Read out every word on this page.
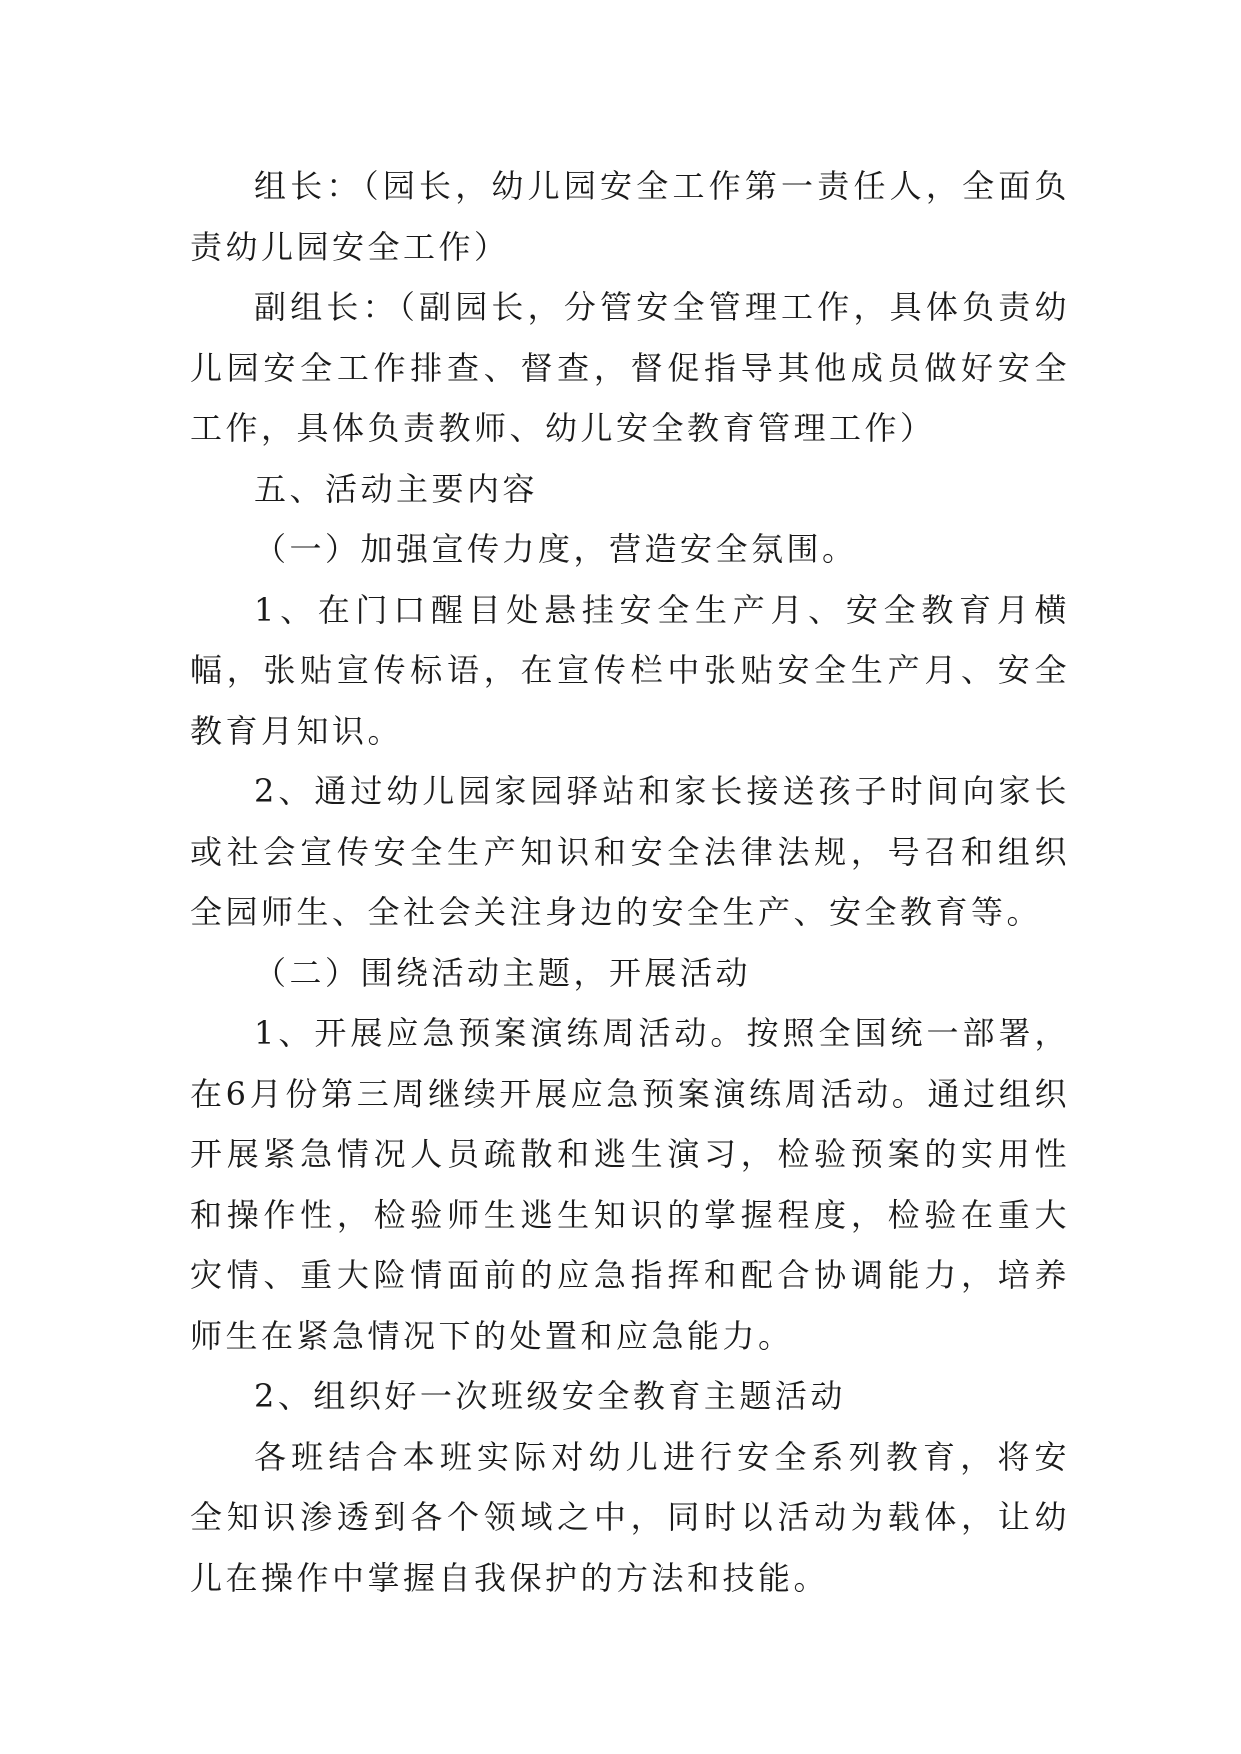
组长：（园长，幼儿园安全工作第一责任人，全面负责幼儿园安全工作）

副组长：（副园长，分管安全管理工作，具体负责幼儿园安全工作排查、督查，督促指导其他成员做好安全工作，具体负责教师、幼儿安全教育管理工作）

五、活动主要内容

（一）加强宣传力度，营造安全氛围。

1、在门口醒目处悬挂安全生产月、安全教育月横幅，张贴宣传标语，在宣传栏中张贴安全生产月、安全教育月知识。

2、通过幼儿园家园驿站和家长接送孩子时间向家长或社会宣传安全生产知识和安全法律法规，号召和组织全园师生、全社会关注身边的安全生产、安全教育等。

（二）围绕活动主题，开展活动

1、开展应急预案演练周活动。按照全国统一部署，在6月份第三周继续开展应急预案演练周活动。通过组织开展紧急情况人员疏散和逃生演习，检验预案的实用性和操作性，检验师生逃生知识的掌握程度，检验在重大灾情、重大险情面前的应急指挥和配合协调能力，培养师生在紧急情况下的处置和应急能力。

2、组织好一次班级安全教育主题活动

各班结合本班实际对幼儿进行安全系列教育，将安全知识渗透到各个领域之中，同时以活动为载体，让幼儿在操作中掌握自我保护的方法和技能。
